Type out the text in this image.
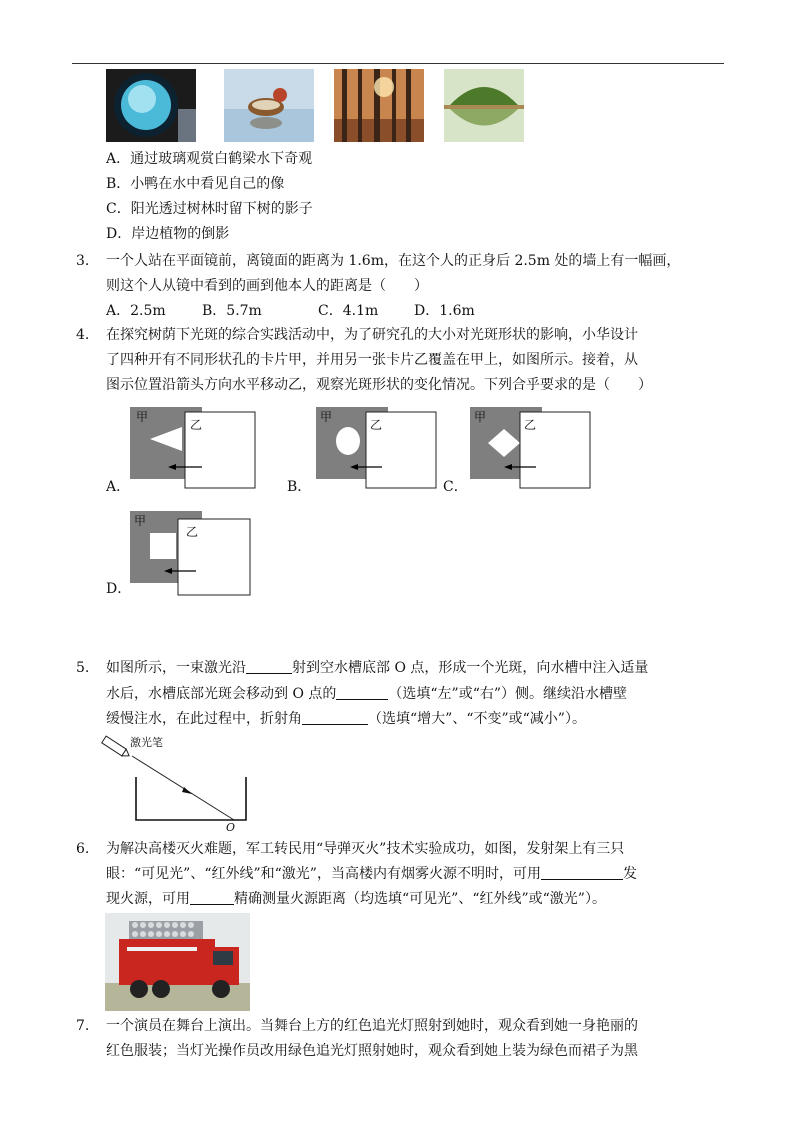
A．通过玻璃观赏白鹤梁水下奇观
B．小鸭在水中看见自己的像
C．阳光透过树林时留下树的影子
D．岸边植物的倒影
3. 一个人站在平面镜前，离镜面的距离为 1.6m，在这个人的正身后 2.5m 处的墙上有一幅画，
则这个人从镜中看到的画到他本人的距离是（　　）
A．2.5m	B．5.7m	C．4.1m	D．1.6m
4. 在探究树荫下光斑的综合实践活动中，为了研究孔的大小对光斑形状的影响，小华设计
了四种开有不同形状孔的卡片甲，并用另一张卡片乙覆盖在甲上，如图所示。接着，从
图示位置沿箭头方向水平移动乙，观察光斑形状的变化情况。下列合乎要求的是（　　）
甲
乙
A．
甲
乙
B．
甲
乙
C．
甲
乙
D．
5. 如图所示，一束激光沿	射到空水槽底部 O 点，形成一个光斑，向水槽中注入适量
水后，水槽底部光斑会移动到 O 点的	（选填“左”或“右”）侧。继续沿水槽壁
缓慢注水，在此过程中，折射角	（选填“增大”、“不变”或“减小”）。
激光笔
O
6. 为解决高楼灭火难题，军工转民用“导弹灭火”技术实验成功，如图，发射架上有三只
眼：“可见光”、“红外线”和“激光”，当高楼内有烟雾火源不明时，可用	发
现火源，可用	精确测量火源距离（均选填“可见光”、“红外线”或“激光”）。
7. 一个演员在舞台上演出。当舞台上方的红色追光灯照射到她时，观众看到她一身艳丽的
红色服装；当灯光操作员改用绿色追光灯照射她时，观众看到她上装为绿色而裙子为黑
